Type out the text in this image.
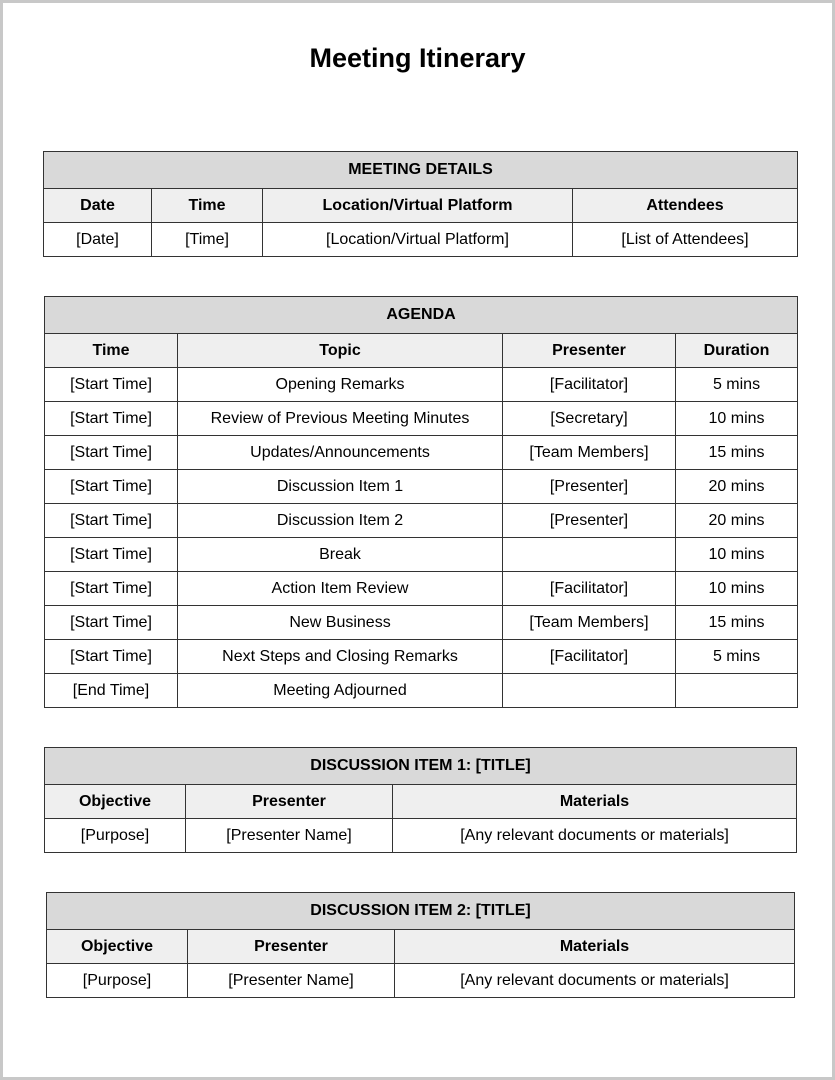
Meeting Itinerary
MEETING DETAILS			
Date	Time	Location/Virtual Platform	Attendees
[Date]	[Time]	[Location/Virtual Platform]	[List of Attendees]
AGENDA			
Time	Topic	Presenter	Duration
[Start Time]	Opening Remarks	[Facilitator]	5 mins
[Start Time]	Review of Previous Meeting Minutes	[Secretary]	10 mins
[Start Time]	Updates/Announcements	[Team Members]	15 mins
[Start Time]	Discussion Item 1	[Presenter]	20 mins
[Start Time]	Discussion Item 2	[Presenter]	20 mins
[Start Time]	Break		10 mins
[Start Time]	Action Item Review	[Facilitator]	10 mins
[Start Time]	New Business	[Team Members]	15 mins
[Start Time]	Next Steps and Closing Remarks	[Facilitator]	5 mins
[End Time]	Meeting Adjourned		
DISCUSSION ITEM 1: [TITLE]		
Objective	Presenter	Materials
[Purpose]	[Presenter Name]	[Any relevant documents or materials]
DISCUSSION ITEM 2: [TITLE]		
Objective	Presenter	Materials
[Purpose]	[Presenter Name]	[Any relevant documents or materials]
